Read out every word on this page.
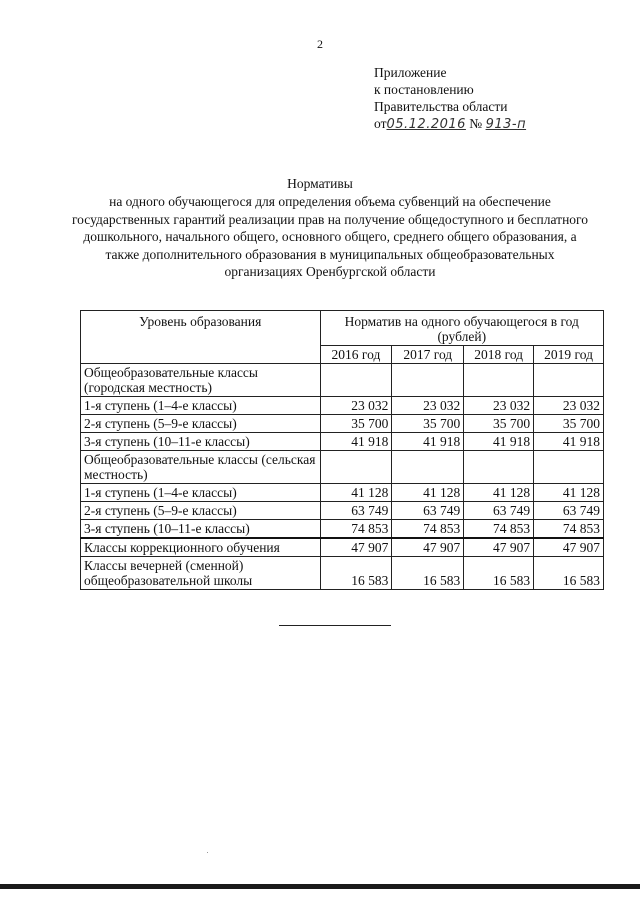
2
Приложение
к постановлению
Правительства области
от05.12.2016 № 913-п
Нормативы
на одного обучающегося для определения объема субвенций на обеспечение государственных гарантий реализации прав на получение общедоступного и бесплатного дошкольного, начального общего, основного общего, среднего общего образования, а также дополнительного образования в муниципальных общеобразовательных организациях Оренбургской области
Уровень образования	Норматив на одного обучающегося в год (рублей)			
	2016 год	2017 год	2018 год	2019 год
Общеобразовательные классы (городская местность)				
1-я ступень (1–4-е классы)	23 032	23 032	23 032	23 032
2-я ступень (5–9-е классы)	35 700	35 700	35 700	35 700
3-я ступень (10–11-е классы)	41 918	41 918	41 918	41 918
Общеобразовательные классы (сельская местность)				
1-я ступень (1–4-е классы)	41 128	41 128	41 128	41 128
2-я ступень (5–9-е классы)	63 749	63 749	63 749	63 749
3-я ступень (10–11-е классы)	74 853	74 853	74 853	74 853
Классы коррекционного обучения	47 907	47 907	47 907	47 907
Классы вечерней (сменной) общеобразовательной школы	16 583	16 583	16 583	16 583
